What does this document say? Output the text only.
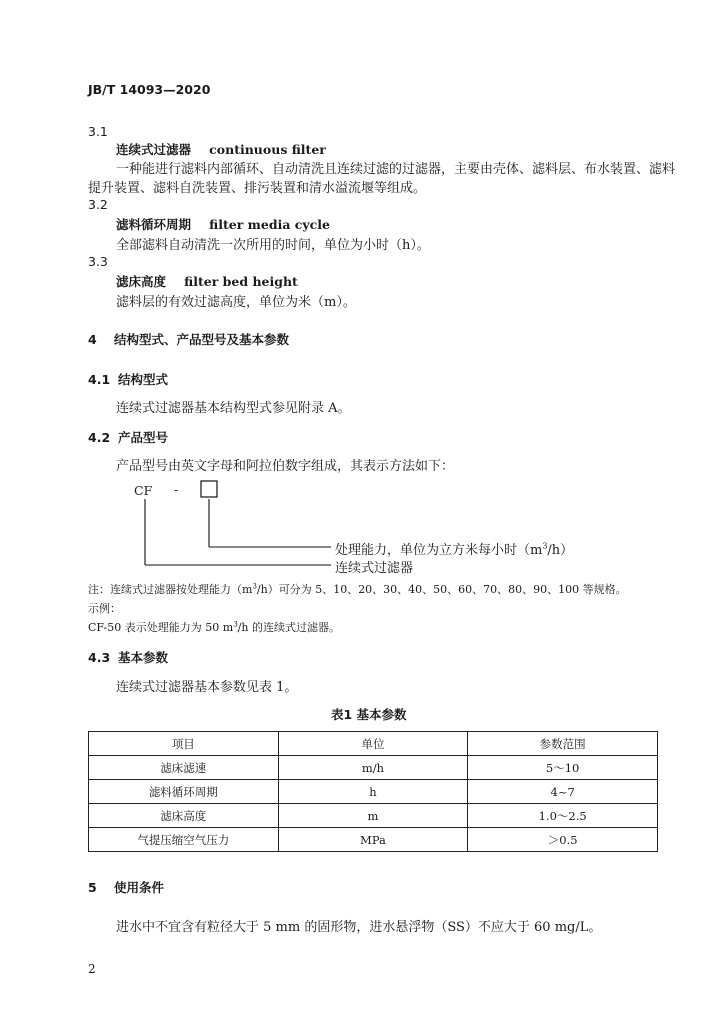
JB/T 14093—2020
3.1
连续式过滤器 continuous filter
一种能进行滤料内部循环、自动清洗且连续过滤的过滤器，主要由壳体、滤料层、布水装置、滤料
提升装置、滤料自洗装置、排污装置和清水溢流堰等组成。
3.2
滤料循环周期 filter media cycle
全部滤料自动清洗一次所用的时间，单位为小时（h）。
3.3
滤床高度 filter bed height
滤料层的有效过滤高度，单位为米（m）。
4 结构型式、产品型号及基本参数
4.1 结构型式
连续式过滤器基本结构型式参见附录 A。
4.2 产品型号
产品型号由英文字母和阿拉伯数字组成，其表示方法如下：
CF -
处理能力，单位为立方米每小时$(m^3/h)$
连续式过滤器
注：连续式过滤器按处理能力$(m^3/h)$可分为 5、10、20、30、40、50、60、70、80、90、100 等规格。
示例：
CF-50 表示处理能力为 50 $m^3/h$ 的连续式过滤器。
4.3 基本参数
连续式过滤器基本参数见表 1。
表1 基本参数
项目	单位	参数范围
滤床滤速	m/h	5～10
滤料循环周期	h	4~7
滤床高度	m	1.0～2.5
气提压缩空气压力	MPa	＞0.5
5 使用条件
进水中不宜含有粒径大于 5 mm 的固形物，进水悬浮物（SS）不应大于 60 mg/L。
2
